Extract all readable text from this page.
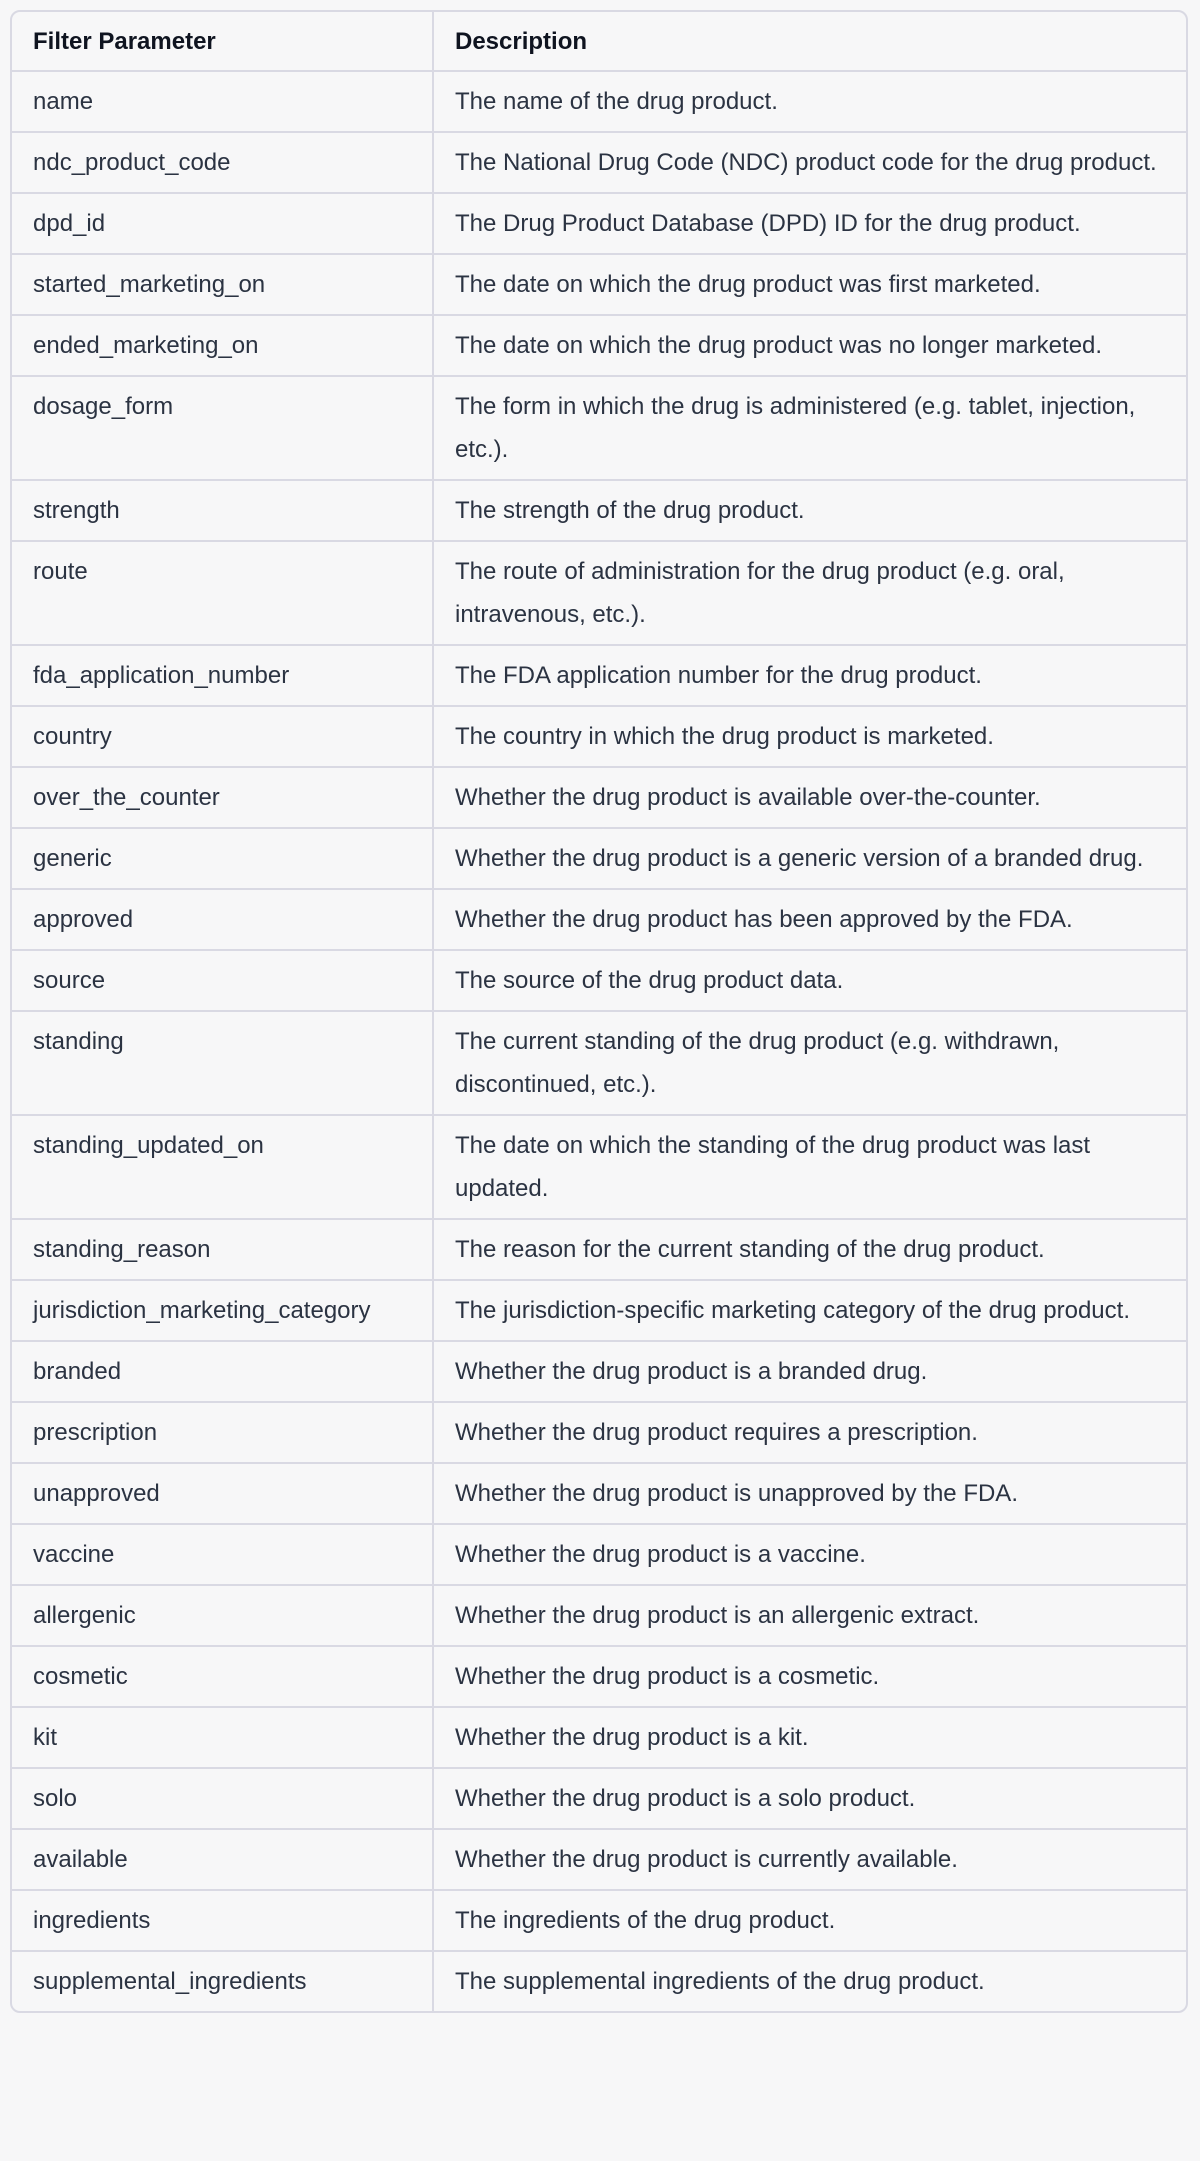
Filter Parameter	Description
name	The name of the drug product.
ndc_product_code	The National Drug Code (NDC) product code for the drug product.
dpd_id	The Drug Product Database (DPD) ID for the drug product.
started_marketing_on	The date on which the drug product was first marketed.
ended_marketing_on	The date on which the drug product was no longer marketed.
dosage_form	The form in which the drug is administered (e.g. tablet, injection, etc.).
strength	The strength of the drug product.
route	The route of administration for the drug product (e.g. oral, intravenous, etc.).
fda_application_number	The FDA application number for the drug product.
country	The country in which the drug product is marketed.
over_the_counter	Whether the drug product is available over-the-counter.
generic	Whether the drug product is a generic version of a branded drug.
approved	Whether the drug product has been approved by the FDA.
source	The source of the drug product data.
standing	The current standing of the drug product (e.g. withdrawn, discontinued, etc.).
standing_updated_on	The date on which the standing of the drug product was last updated.
standing_reason	The reason for the current standing of the drug product.
jurisdiction_marketing_category	The jurisdiction-specific marketing category of the drug product.
branded	Whether the drug product is a branded drug.
prescription	Whether the drug product requires a prescription.
unapproved	Whether the drug product is unapproved by the FDA.
vaccine	Whether the drug product is a vaccine.
allergenic	Whether the drug product is an allergenic extract.
cosmetic	Whether the drug product is a cosmetic.
kit	Whether the drug product is a kit.
solo	Whether the drug product is a solo product.
available	Whether the drug product is currently available.
ingredients	The ingredients of the drug product.
supplemental_ingredients	The supplemental ingredients of the drug product.
